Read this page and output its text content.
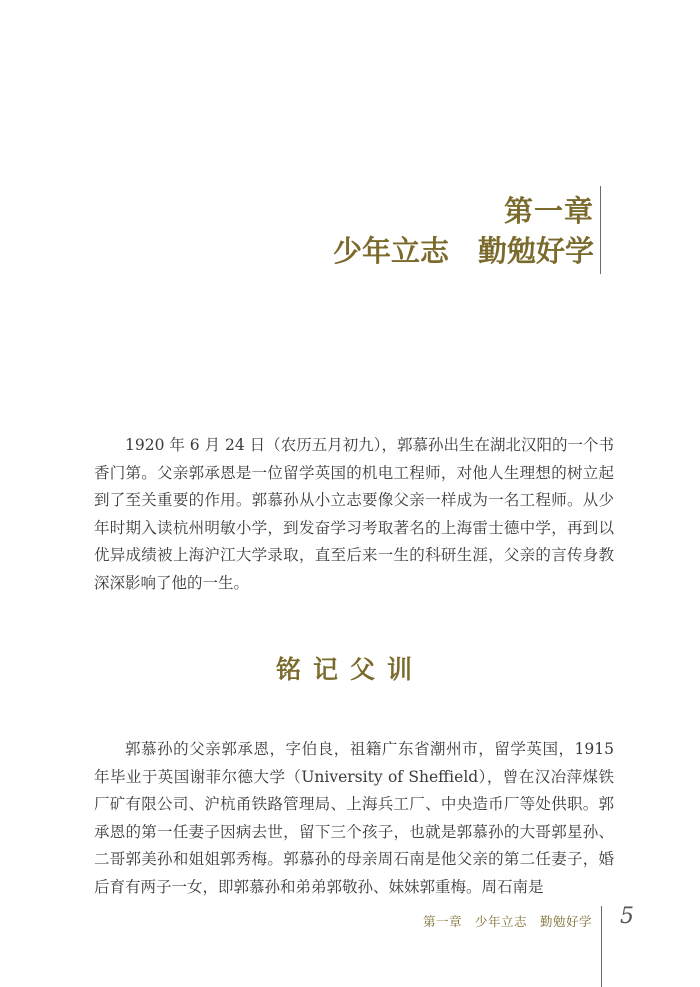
第一章
少年立志　勤勉好学

1920 年 6 月 24 日（农历五月初九），郭慕孙出生在湖北汉阳的一个书香门第。父亲郭承恩是一位留学英国的机电工程师，对他人生理想的树立起到了至关重要的作用。郭慕孙从小立志要像父亲一样成为一名工程师。从少年时期入读杭州明敏小学，到发奋学习考取著名的上海雷士德中学，再到以优异成绩被上海沪江大学录取，直至后来一生的科研生涯，父亲的言传身教深深影响了他的一生。

铭记父训

郭慕孙的父亲郭承恩，字伯良，祖籍广东省潮州市，留学英国，1915 年毕业于英国谢菲尔德大学（University of Sheffield），曾在汉冶萍煤铁厂矿有限公司、沪杭甬铁路管理局、上海兵工厂、中央造币厂等处供职。郭承恩的第一任妻子因病去世，留下三个孩子，也就是郭慕孙的大哥郭星孙、二哥郭美孙和姐姐郭秀梅。郭慕孙的母亲周石南是他父亲的第二任妻子，婚后育有两子一女，即郭慕孙和弟弟郭敬孙、妹妹郭重梅。周石南是

第一章　少年立志　勤勉好学 5
